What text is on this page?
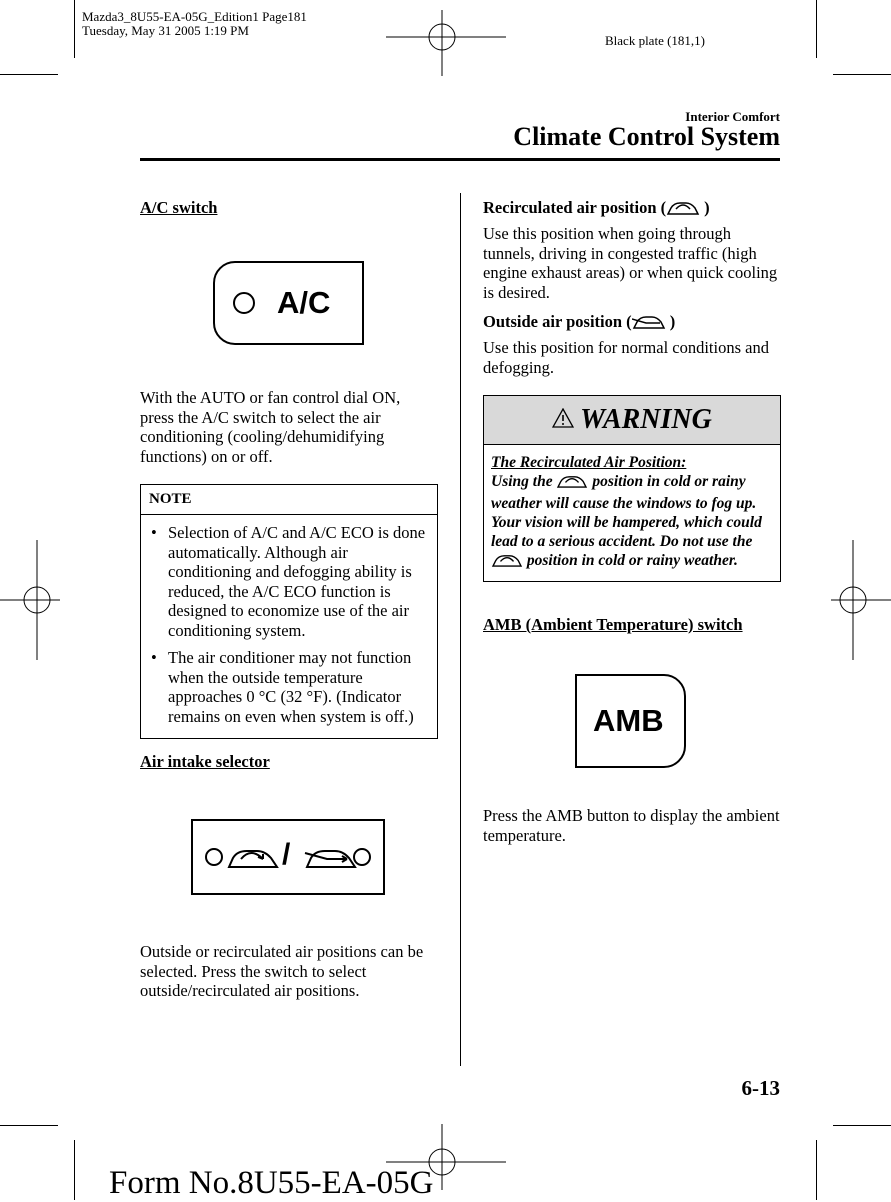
Mazda3_8U55-EA-05G_Edition1 Page181
Tuesday, May 31 2005 1:19 PM
Black plate (181,1)
Interior Comfort
Climate Control System
A/C switch
A/C
With the AUTO or fan control dial ON, press the A/C switch to select the air conditioning (cooling/dehumidifying functions) on or off.
NOTE
• Selection of A/C and A/C ECO is done automatically. Although air conditioning and defogging ability is reduced, the A/C ECO function is designed to economize use of the air conditioning system.
• The air conditioner may not function when the outside temperature approaches 0 °C (32 °F). (Indicator remains on even when system is off.)
Air intake selector
/
Outside or recirculated air positions can be selected. Press the switch to select outside/recirculated air positions.
Recirculated air position ( )
Use this position when going through tunnels, driving in congested traffic (high engine exhaust areas) or when quick cooling is desired.
Outside air position ( )
Use this position for normal conditions and defogging.
WARNING
The Recirculated Air Position:
Using the	position in cold or rainy weather will cause the windows to fog up. Your vision will be hampered, which could lead to a serious accident. Do not use the  position in cold or rainy weather.
AMB (Ambient Temperature) switch
AMB
Press the AMB button to display the ambient temperature.
6-13
Form No.8U55-EA-05G
